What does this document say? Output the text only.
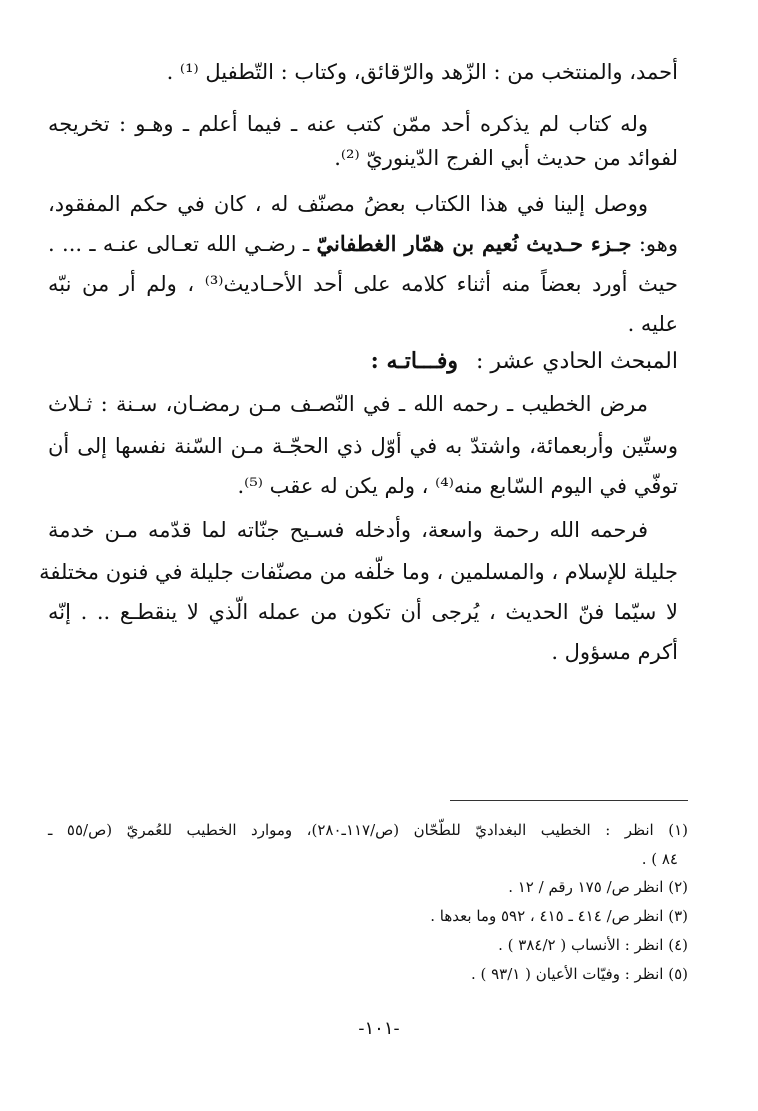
أحمد، والمنتخب من : الزّهد والرّقائق، وكتاب : التّطفيل ⁽¹⁾ .
وله كتاب لم يذكره أحد ممّن كتب عنه ـ فيما أعلم ـ وهـو : تخريجه
لفوائد من حديث أبي الفرج الدّينوريّ ⁽²⁾.
ووصل إلينا في هذا الكتاب بعضُ مصنّف له ، كان في حكم المفقود،
وهو: جـزء حـديث نُعيم بن همّار الغطفانيّ ـ رضـي الله تعـالى عنـه ـ ... .
حيث أورد بعضاً منه أثناء كلامه على أحد الأحـاديث⁽³⁾ ، ولم أر من نبّه
عليه .
المبحث الحادي عشر :وفـــاتـه :
مرض الخطيب ـ رحمه الله ـ في النّصـف مـن رمضـان، سـنة : ثـلاث
وستّين وأربعمائة، واشتدّ به في أوّل ذي الحجّـة مـن السّنة نفسها إلى أن
توفّي في اليوم السّابع منه⁽⁴⁾ ، ولم يكن له عقب ⁽⁵⁾.
فرحمه الله رحمة واسعة، وأدخله فسـيح جنّاته لما قدّمه مـن خدمة
جليلة للإسلام ، والمسلمين ، وما خلّفه من مصنّفات جليلة في فنون مختلفة
لا سيّما فنّ الحديث ، يُرجى أن تكون من عمله الّذي لا ينقطـع .. . إنّه
أكرم مسؤول .
(١) انظر : الخطيب البغداديّ للطّحّان (ص/١١٧ـ٢٨٠)، وموارد الخطيب للعُمريّ (ص/٥٥ ـ
٨٤ ) .
(٢) انظر ص/ ١٧٥ رقم / ١٢ .
(٣) انظر ص/ ٤١٤ ـ ٤١٥ ، ٥٩٢ وما بعدها .
(٤) انظر : الأنساب ( ٣٨٤/٢ ) .
(٥) انظر : وفيّات الأعيان ( ٩٣/١ ) .
-١٠١-
